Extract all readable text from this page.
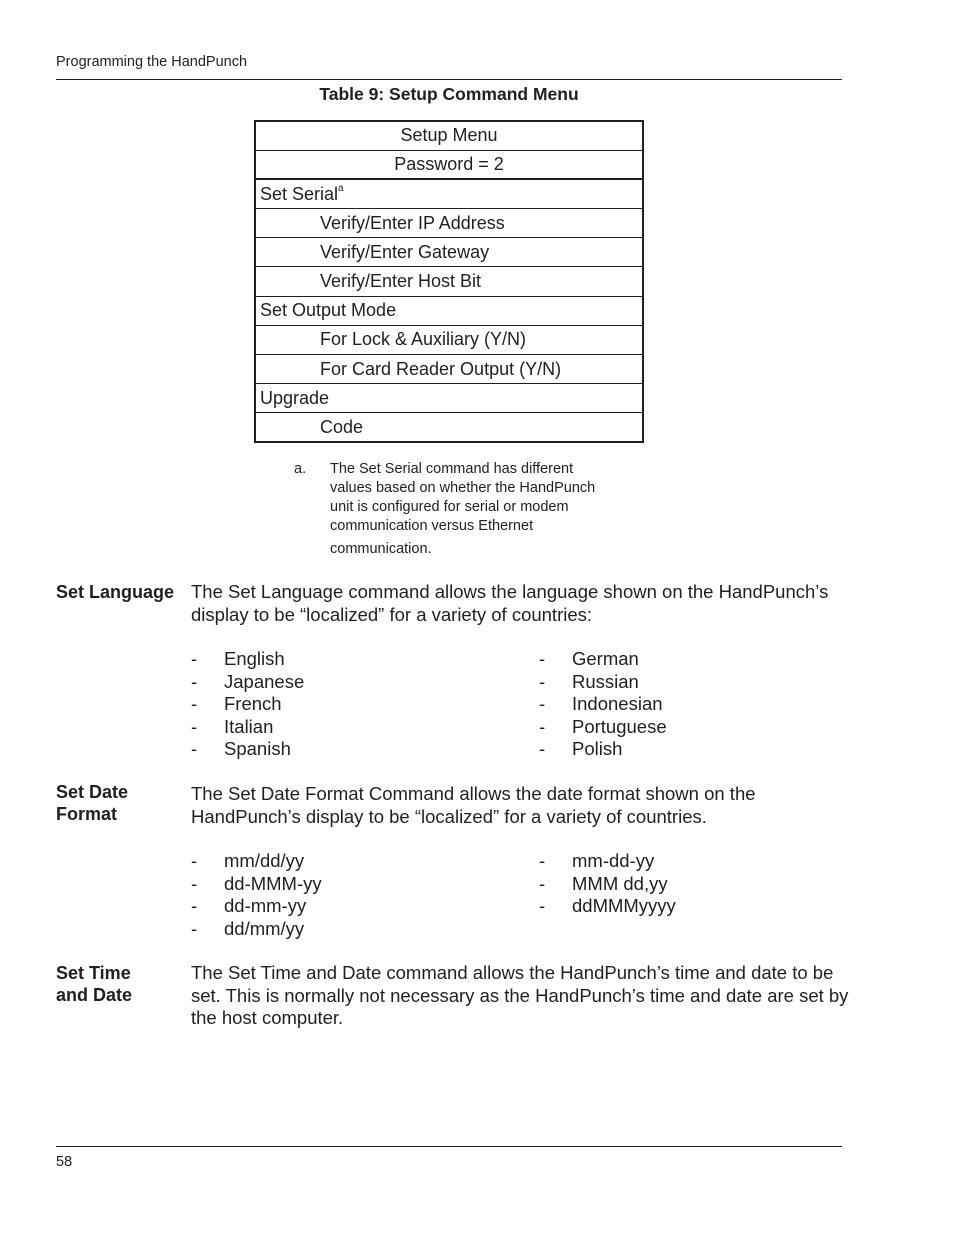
Programming the HandPunch
Table 9: Setup Command Menu
Setup Menu
Password = 2
Set Serial$^a$
Verify/Enter IP Address
Verify/Enter Gateway
Verify/Enter Host Bit
Set Output Mode
For Lock & Auxiliary (Y/N)
For Card Reader Output (Y/N)
Upgrade
Code
a. The Set Serial command has different
values based on whether the HandPunch
unit is configured for serial or modem
communication versus Ethernet
communication.
Set Language The Set Language command allows the language shown on the HandPunch’s display to be “localized” for a variety of countries:
- English
- Japanese
- French
- Italian
- Spanish
- German
- Russian
- Indonesian
- Portuguese
- Polish
Set Date
Format
The Set Date Format Command allows the date format shown on the HandPunch’s display to be “localized” for a variety of countries.
- mm/dd/yy
- dd-MMM-yy
- dd-mm-yy
- dd/mm/yy
- mm-dd-yy
- MMM dd,yy
- ddMMMyyyy
Set Time
and Date
The Set Time and Date command allows the HandPunch’s time and date to be set. This is normally not necessary as the HandPunch’s time and date are set by the host computer.
58
